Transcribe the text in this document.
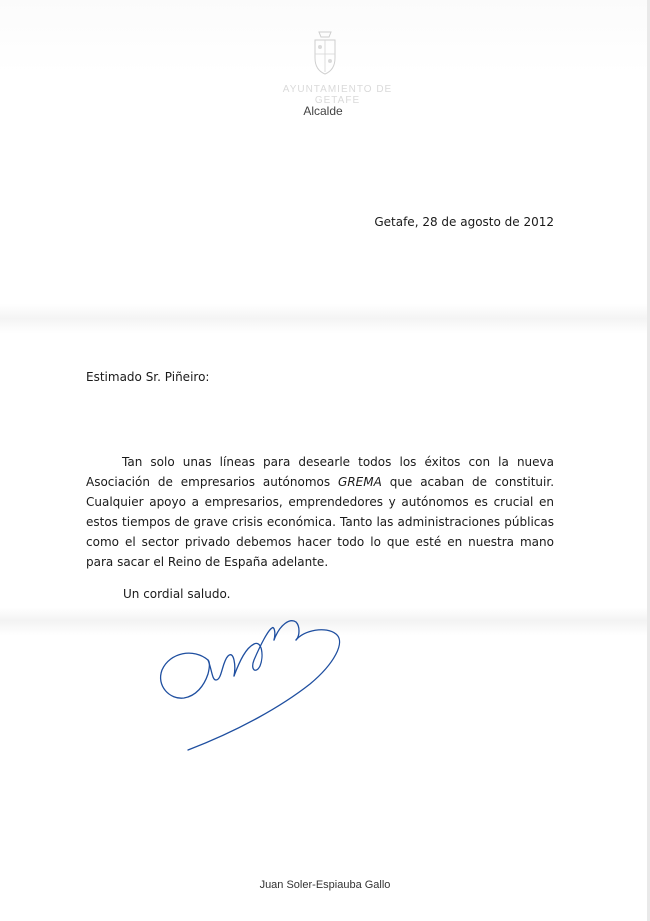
AYUNTAMIENTO DE GETAFE
Alcalde
Getafe, 28 de agosto de 2012
Estimado Sr. Piñeiro:
Tan solo unas líneas para desearle todos los éxitos con la nueva Asociación de empresarios autónomos GREMA que acaban de constituir. Cualquier apoyo a empresarios, emprendedores y autónomos es crucial en estos tiempos de grave crisis económica. Tanto las administraciones públicas como el sector privado debemos hacer todo lo que esté en nuestra mano para sacar el Reino de España adelante.
Un cordial saludo.
Juan Soler-Espiauba Gallo
